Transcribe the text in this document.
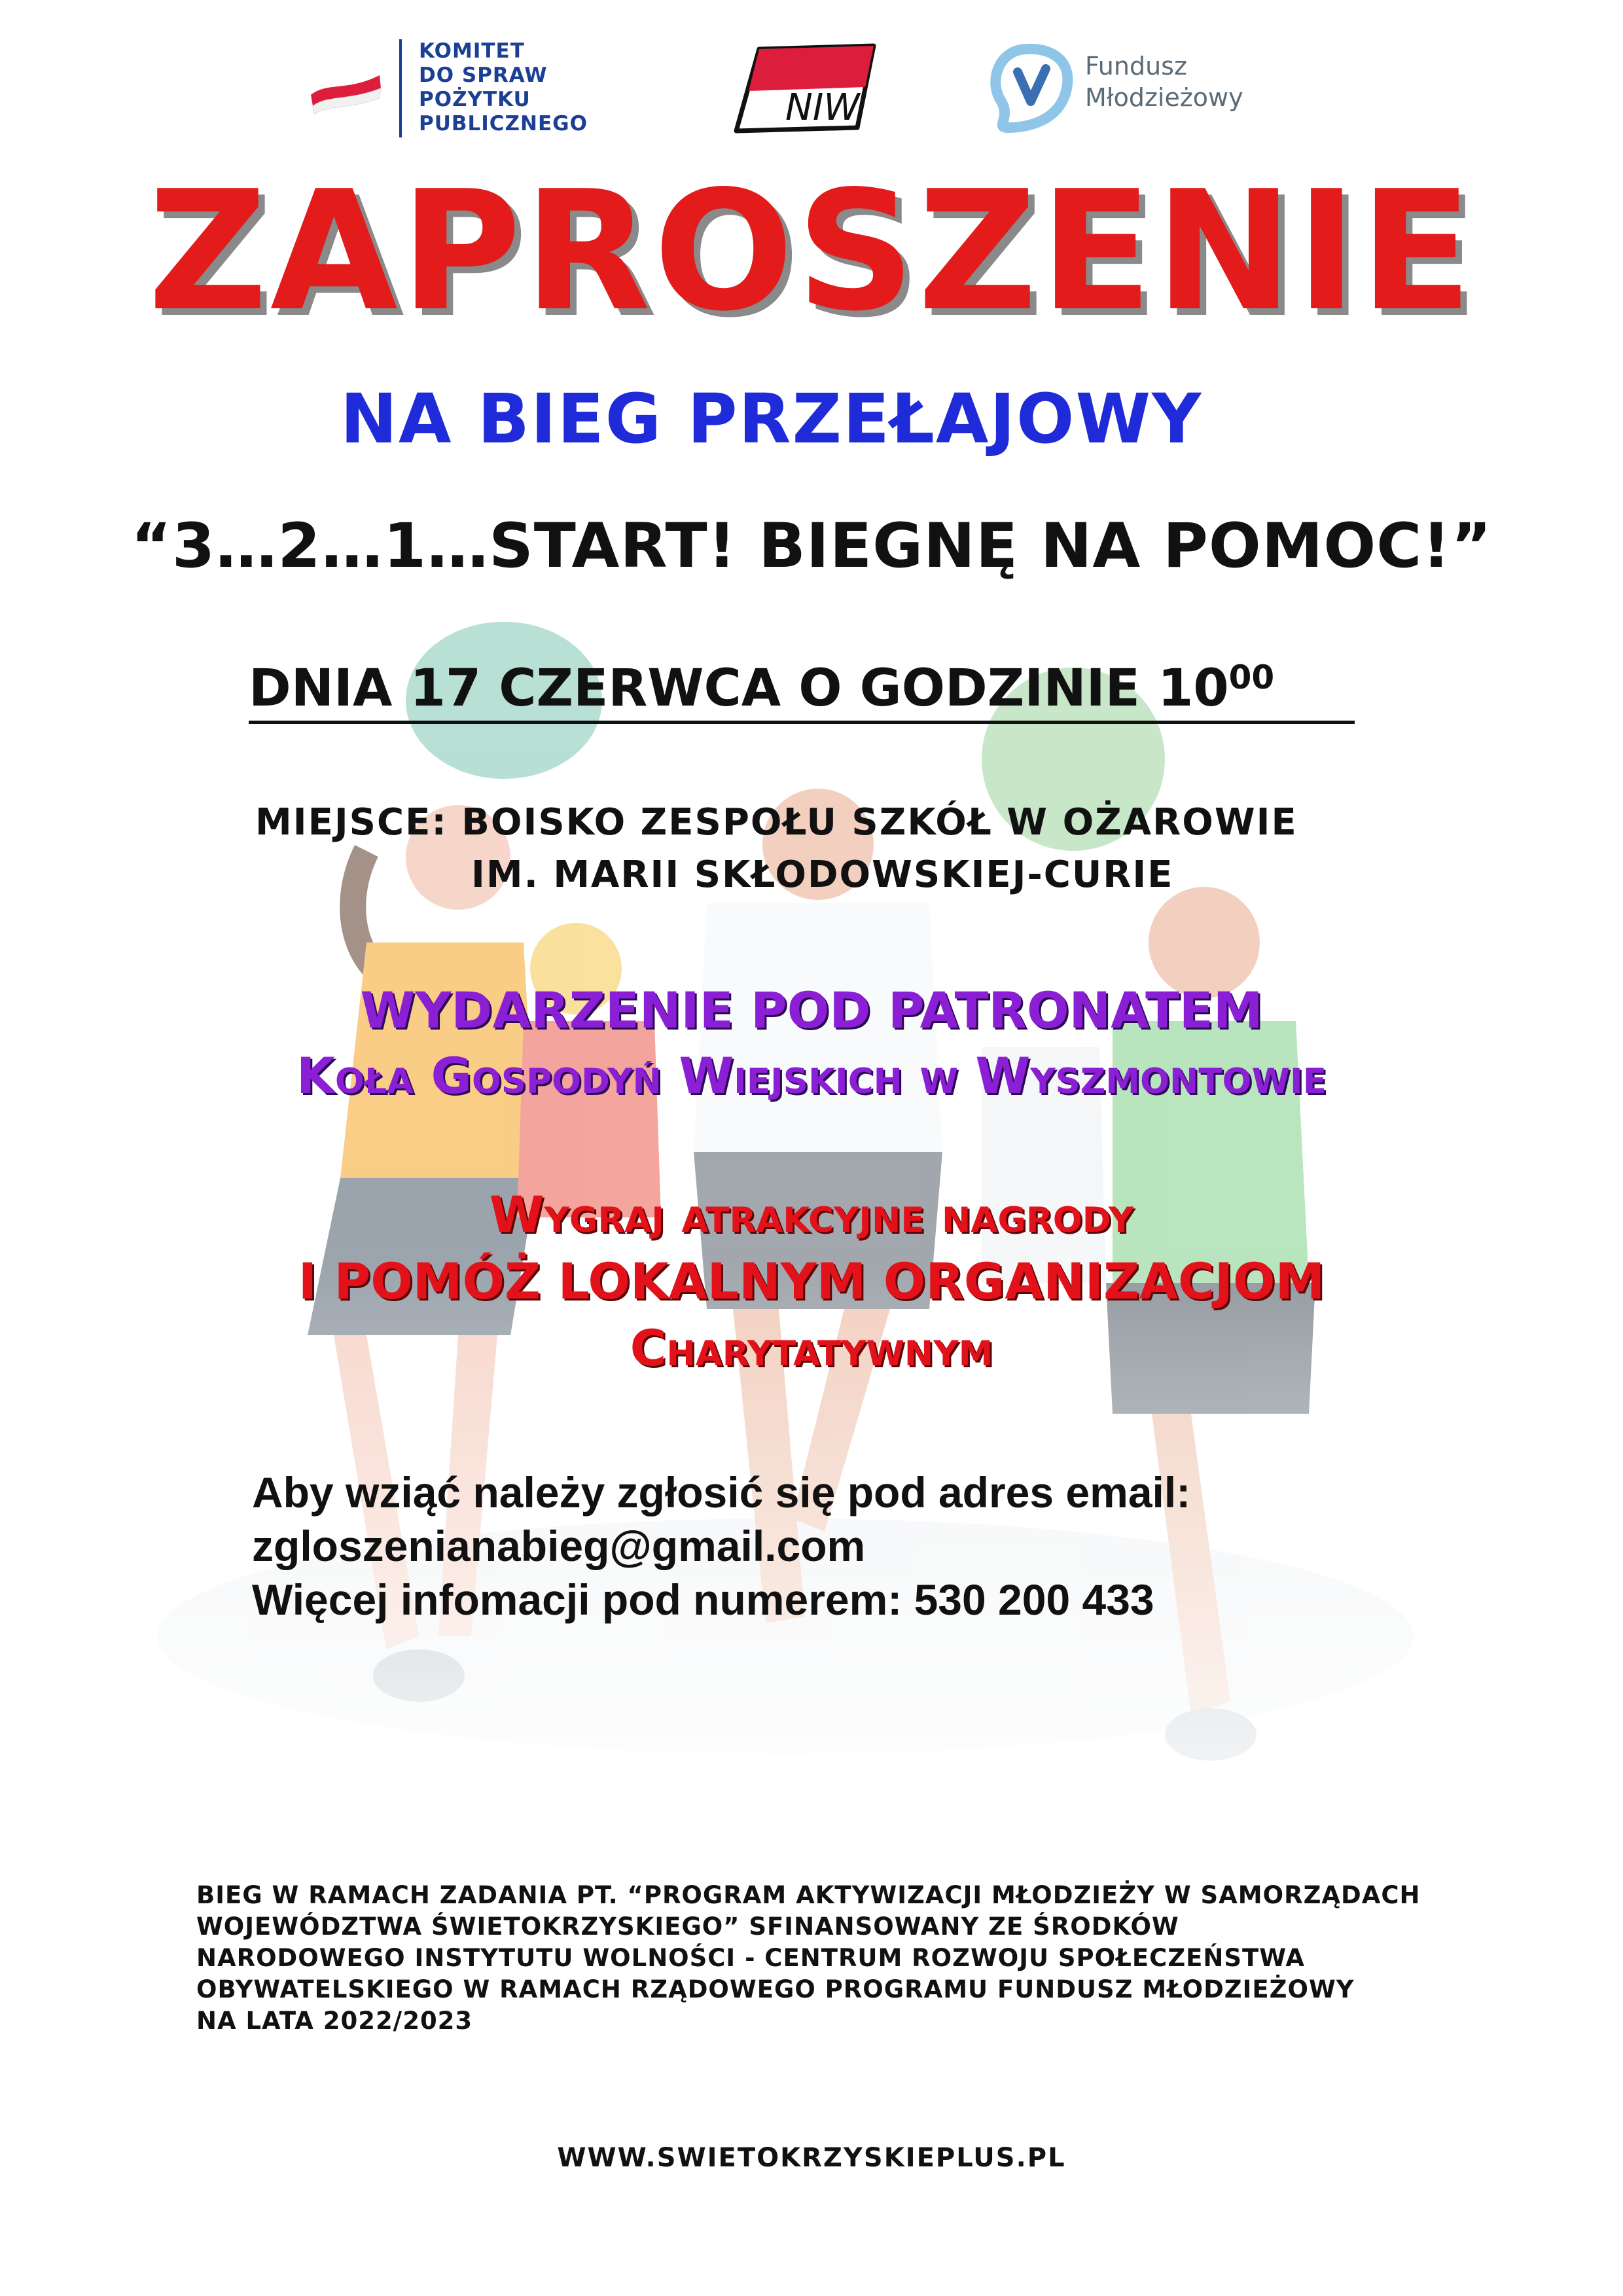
KOMITET
DO SPRAW
POŻYTKU
PUBLICZNEGO	NIW
Fundusz
Młodzieżowy
ZAPROSZENIE
NA BIEG PRZEŁAJOWY
“3…2…1…START! BIEGNĘ NA POMOC!”
DNIA 17 CZERWCA O GODZINIE $10^{00}$
MIEJSCE: BOISKO ZESPOŁU SZKÓŁ W OŻAROWIE
IM. MARII SKŁODOWSKIEJ-CURIE
WYDARZENIE POD PATRONATEM
Koła Gospodyń Wiejskich w Wyszmontowie
Wygraj atrakcyjne nagrody
I POMÓŻ LOKALNYM ORGANIZACJOM
Charytatywnym
Aby wziąć należy zgłosić się pod adres email:
zgloszenianabieg@gmail.com
Więcej infomacji pod numerem: 530 200 433
BIEG W RAMACH ZADANIA PT. “PROGRAM AKTYWIZACJI MŁODZIEŻY W SAMORZĄDACH
WOJEWÓDZTWA ŚWIETOKRZYSKIEGO” SFINANSOWANY ZE ŚRODKÓW
NARODOWEGO INSTYTUTU WOLNOŚCI - CENTRUM ROZWOJU SPOŁECZEŃSTWA
OBYWATELSKIEGO W RAMACH RZĄDOWEGO PROGRAMU FUNDUSZ MŁODZIEŻOWY
NA LATA 2022/2023
WWW.SWIETOKRZYSKIEPLUS.PL
